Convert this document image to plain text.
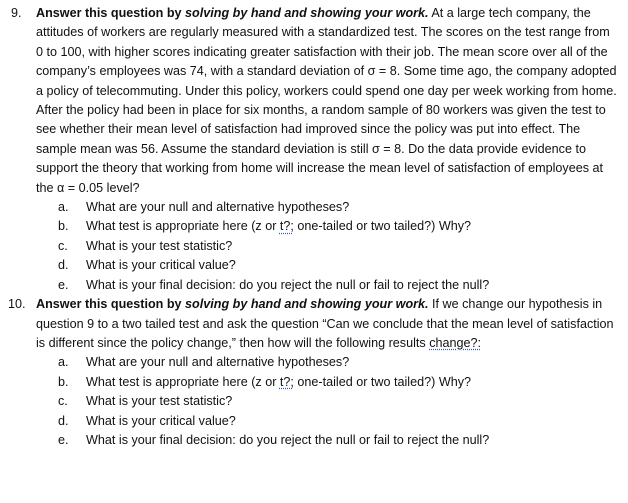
9. Answer this question by solving by hand and showing your work. At a large tech company, the attitudes of workers are regularly measured with a standardized test. The scores on the test range from 0 to 100, with higher scores indicating greater satisfaction with their job. The mean score over all of the company’s employees was 74, with a standard deviation of σ = 8. Some time ago, the company adopted a policy of telecommuting. Under this policy, workers could spend one day per week working from home. After the policy had been in place for six months, a random sample of 80 workers was given the test to see whether their mean level of satisfaction had improved since the policy was put into effect. The sample mean was 56. Assume the standard deviation is still σ = 8. Do the data provide evidence to support the theory that working from home will increase the mean level of satisfaction of employees at the α = 0.05 level?

a.	What are your null and alternative hypotheses?
b.	What test is appropriate here (z or t?; one-tailed or two tailed?) Why?
c.	What is your test statistic?
d.	What is your critical value?
e.	What is your final decision: do you reject the null or fail to reject the null?
10. Answer this question by solving by hand and showing your work. If we change our hypothesis in question 9 to a two tailed test and ask the question “Can we conclude that the mean level of satisfaction is different since the policy change,” then how will the following results change?:

a.	What are your null and alternative hypotheses?
b.	What test is appropriate here (z or t?; one-tailed or two tailed?) Why?
c.	What is your test statistic?
d.	What is your critical value?
e.	What is your final decision: do you reject the null or fail to reject the null?
